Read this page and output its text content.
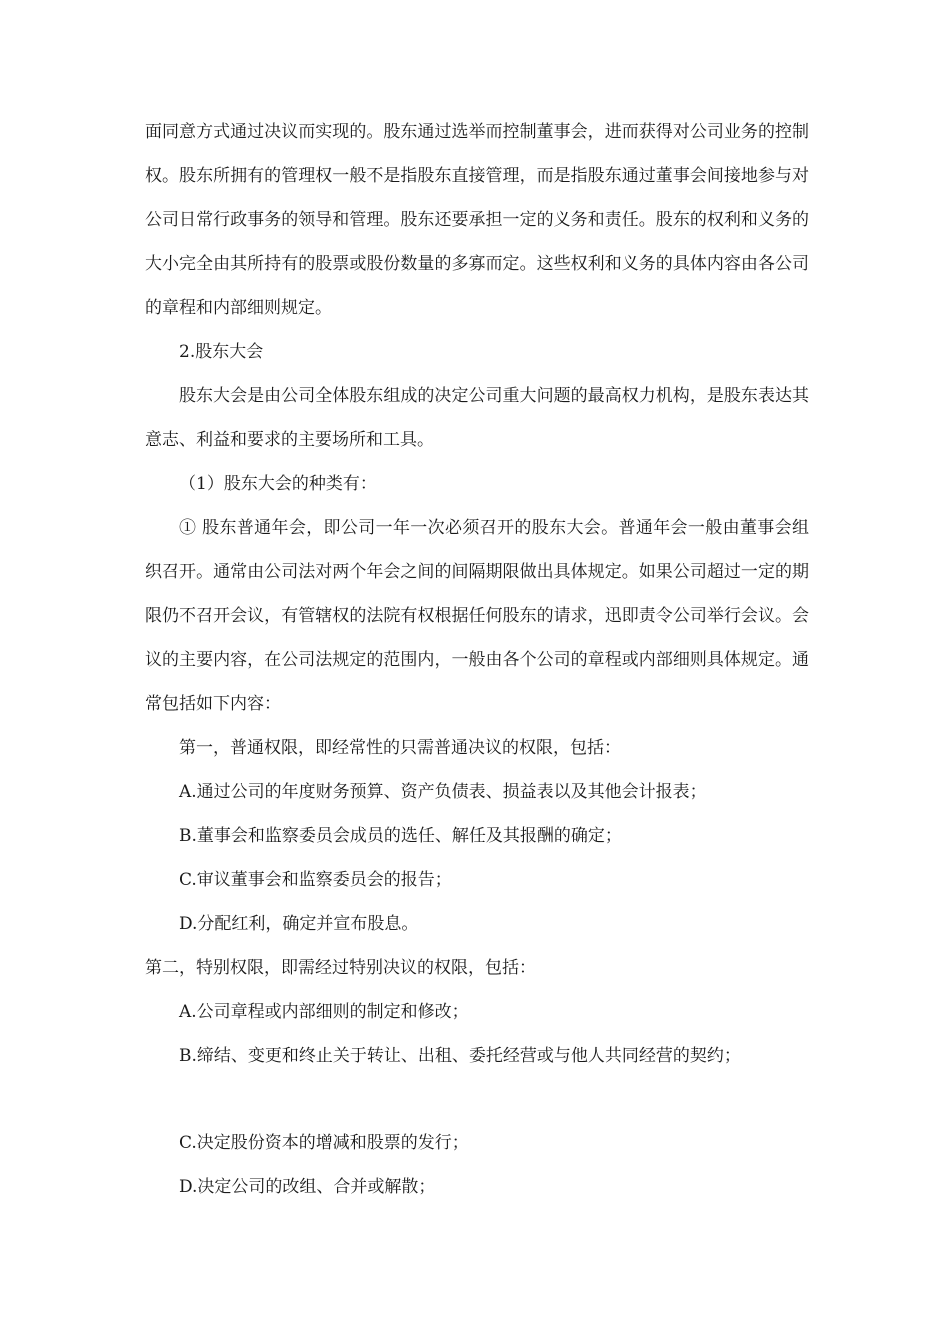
面同意方式通过决议而实现的。股东通过选举而控制董事会，进而获得对公司业务的控制权。股东所拥有的管理权一般不是指股东直接管理，而是指股东通过董事会间接地参与对公司日常行政事务的领导和管理。股东还要承担一定的义务和责任。股东的权利和义务的大小完全由其所持有的股票或股份数量的多寡而定。这些权利和义务的具体内容由各公司的章程和内部细则规定。

2.股东大会

股东大会是由公司全体股东组成的决定公司重大问题的最高权力机构，是股东表达其意志、利益和要求的主要场所和工具。

（1）股东大会的种类有：

① 股东普通年会，即公司一年一次必须召开的股东大会。普通年会一般由董事会组织召开。通常由公司法对两个年会之间的间隔期限做出具体规定。如果公司超过一定的期限仍不召开会议，有管辖权的法院有权根据任何股东的请求，迅即责令公司举行会议。会议的主要内容，在公司法规定的范围内，一般由各个公司的章程或内部细则具体规定。通常包括如下内容：

第一，普通权限，即经常性的只需普通决议的权限，包括：

A.通过公司的年度财务预算、资产负债表、损益表以及其他会计报表；

B.董事会和监察委员会成员的选任、解任及其报酬的确定；

C.审议董事会和监察委员会的报告；

D.分配红利，确定并宣布股息。

第二，特别权限，即需经过特别决议的权限，包括：

A.公司章程或内部细则的制定和修改；

B.缔结、变更和终止关于转让、出租、委托经营或与他人共同经营的契约；

C.决定股份资本的增减和股票的发行；

D.决定公司的改组、合并或解散；
